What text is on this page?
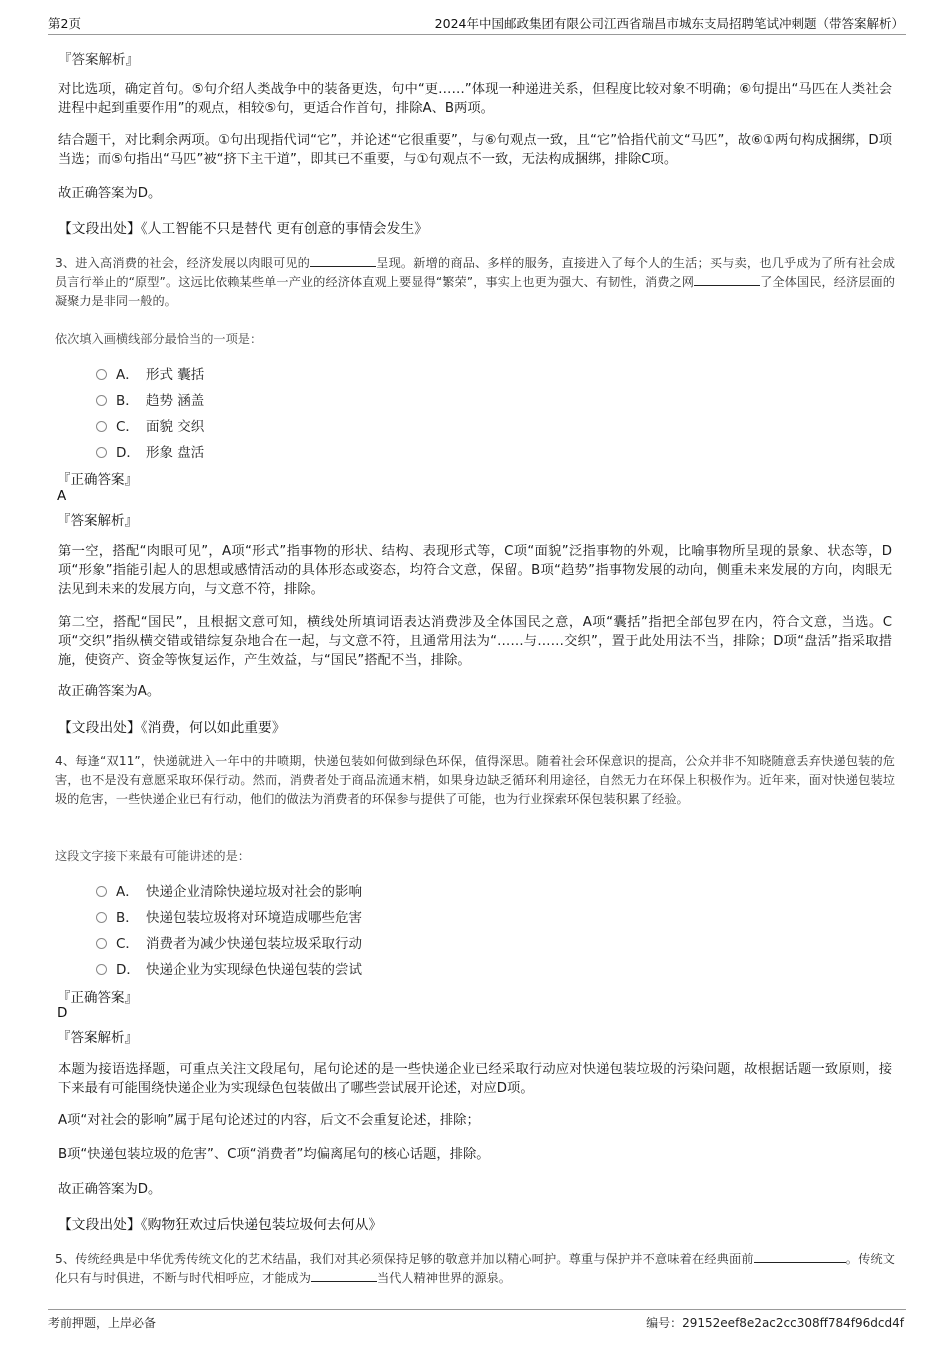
第2页	2024年中国邮政集团有限公司江西省瑞昌市城东支局招聘笔试冲刺题（带答案解析）
『答案解析』
对比选项，确定首句。⑤句介绍人类战争中的装备更迭，句中“更……”体现一种递进关系，但程度比较对象不明确；⑥句提出“马匹在人类社会进程中起到重要作用”的观点，相较⑤句，更适合作首句，排除A、B两项。
结合题干，对比剩余两项。①句出现指代词“它”，并论述“它很重要”，与⑥句观点一致，且“它”恰指代前文“马匹”，故⑥①两句构成捆绑，D项当选；而⑤句指出“马匹”被“挤下主干道”，即其已不重要，与①句观点不一致，无法构成捆绑，排除C项。
故正确答案为D。
【文段出处】《人工智能不只是替代 更有创意的事情会发生》
3、进入高消费的社会，经济发展以肉眼可见的	呈现。新增的商品、多样的服务，直接进入了每个人的生活；买与卖，也几乎成为了所有社会成员言行举止的“原型”。这远比依赖某些单一产业的经济体直观上要显得“繁荣”，事实上也更为强大、有韧性，消费之网	了全体国民，经济层面的凝聚力是非同一般的。
依次填入画横线部分最恰当的一项是：
A． 形式 囊括
B． 趋势 涵盖
C． 面貌 交织
D． 形象 盘活
『正确答案』
A
『答案解析』
第一空，搭配“肉眼可见”，A项“形式”指事物的形状、结构、表现形式等，C项“面貌”泛指事物的外观，比喻事物所呈现的景象、状态等，D项“形象”指能引起人的思想或感情活动的具体形态或姿态，均符合文意，保留。B项“趋势”指事物发展的动向，侧重未来发展的方向，肉眼无法见到未来的发展方向，与文意不符，排除。
第二空，搭配“国民”，且根据文意可知，横线处所填词语表达消费涉及全体国民之意，A项“囊括”指把全部包罗在内，符合文意，当选。C项“交织”指纵横交错或错综复杂地合在一起，与文意不符，且通常用法为“……与……交织”，置于此处用法不当，排除；D项“盘活”指采取措施，使资产、资金等恢复运作，产生效益，与“国民”搭配不当，排除。
故正确答案为A。
【文段出处】《消费，何以如此重要》
4、每逢“双11”，快递就进入一年中的井喷期，快递包装如何做到绿色环保，值得深思。随着社会环保意识的提高，公众并非不知晓随意丢弃快递包装的危害，也不是没有意愿采取环保行动。然而，消费者处于商品流通末梢，如果身边缺乏循环利用途径，自然无力在环保上积极作为。近年来，面对快递包装垃圾的危害，一些快递企业已有行动，他们的做法为消费者的环保参与提供了可能，也为行业探索环保包装积累了经验。
这段文字接下来最有可能讲述的是：
A． 快递企业清除快递垃圾对社会的影响
B． 快递包装垃圾将对环境造成哪些危害
C． 消费者为减少快递包装垃圾采取行动
D． 快递企业为实现绿色快递包装的尝试
『正确答案』
D
『答案解析』
本题为接语选择题，可重点关注文段尾句，尾句论述的是一些快递企业已经采取行动应对快递包装垃圾的污染问题，故根据话题一致原则，接下来最有可能围绕快递企业为实现绿色包装做出了哪些尝试展开论述，对应D项。
A项“对社会的影响”属于尾句论述过的内容，后文不会重复论述，排除；
B项“快递包装垃圾的危害”、C项“消费者”均偏离尾句的核心话题，排除。
故正确答案为D。
【文段出处】《购物狂欢过后快递包装垃圾何去何从》
5、传统经典是中华优秀传统文化的艺术结晶，我们对其必须保持足够的敬意并加以精心呵护。尊重与保护并不意味着在经典面前	。传统文化只有与时俱进，不断与时代相呼应，才能成为	当代人精神世界的源泉。
考前押题，上岸必备	编号：29152eef8e2ac2cc308ff784f96dcd4f
